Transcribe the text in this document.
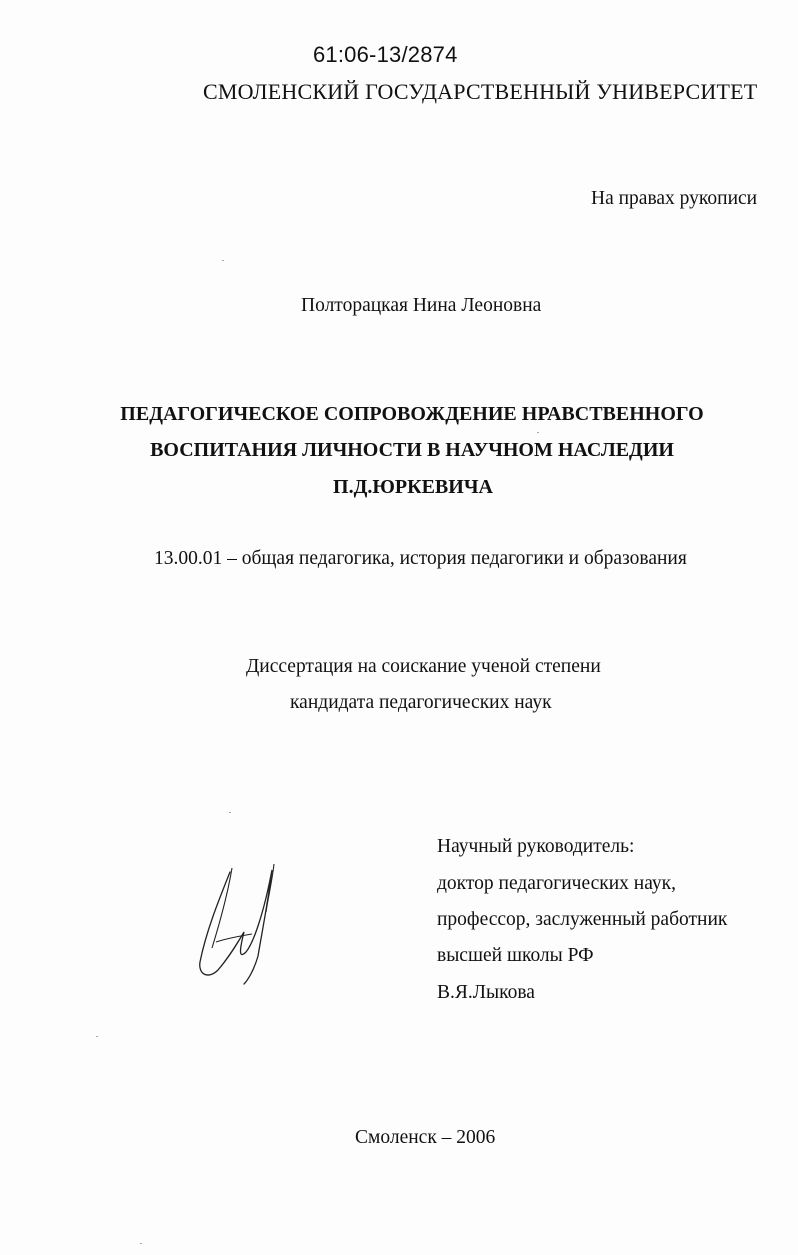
61:06-13/2874
СМОЛЕНСКИЙ ГОСУДАРСТВЕННЫЙ УНИВЕРСИТЕТ
На правах рукописи
Полторацкая Нина Леоновна
ПЕДАГОГИЧЕСКОЕ СОПРОВОЖДЕНИЕ НРАВСТВЕННОГО
ВОСПИТАНИЯ ЛИЧНОСТИ В НАУЧНОМ НАСЛЕДИИ
П.Д.ЮРКЕВИЧА
13.00.01 – общая педагогика, история педагогики и образования
Диссертация на соискание ученой степени
кандидата педагогических наук
Научный руководитель:
доктор педагогических наук,
профессор, заслуженный работник
высшей школы РФ
В.Я.Лыкова
Смоленск – 2006
